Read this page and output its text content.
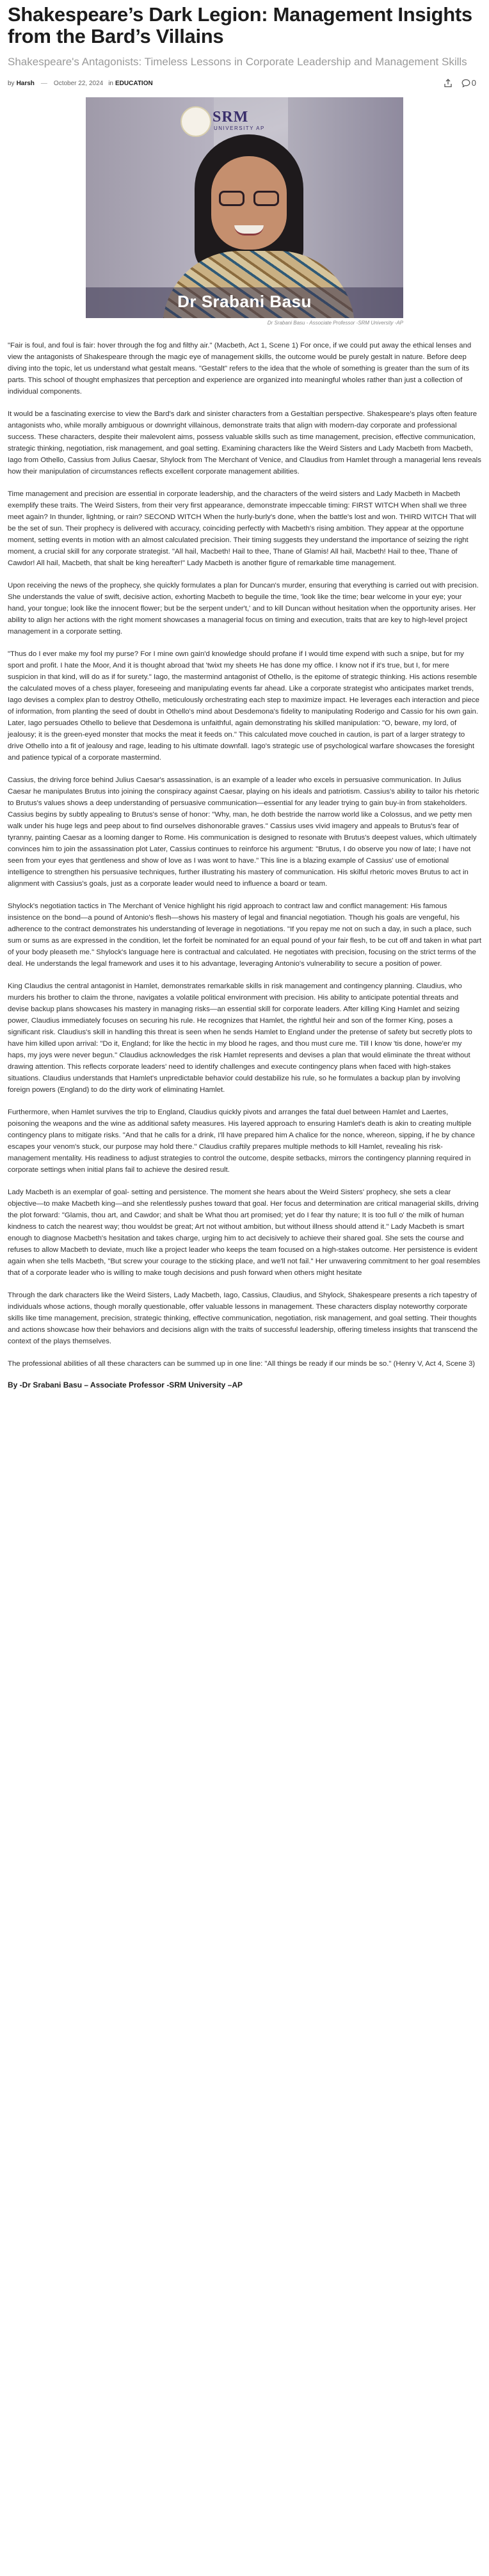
Shakespeare’s Dark Legion: Management Insights from the Bard’s Villains
Shakespeare's Antagonists: Timeless Lessons in Corporate Leadership and Management Skills
by Harsh — October 22, 2024 in EDUCATION	0
SRM
UNIVERSITY AP
Dr Srabani Basu
Dr Srabani Basu - Associate Professor -SRM University -AP

"Fair is foul, and foul is fair: hover through the fog and filthy air." (Macbeth, Act 1, Scene 1) For once, if we could put away the ethical lenses and view the antagonists of Shakespeare through the magic eye of management skills, the outcome would be purely gestalt in nature. Before deep diving into the topic, let us understand what gestalt means. "Gestalt" refers to the idea that the whole of something is greater than the sum of its parts. This school of thought emphasizes that perception and experience are organized into meaningful wholes rather than just a collection of individual components.

It would be a fascinating exercise to view the Bard's dark and sinister characters from a Gestaltian perspective. Shakespeare's plays often feature antagonists who, while morally ambiguous or downright villainous, demonstrate traits that align with modern-day corporate and professional success. These characters, despite their malevolent aims, possess valuable skills such as time management, precision, effective communication, strategic thinking, negotiation, risk management, and goal setting. Examining characters like the Weird Sisters and Lady Macbeth from Macbeth, Iago from Othello, Cassius from Julius Caesar, Shylock from The Merchant of Venice, and Claudius from Hamlet through a managerial lens reveals how their manipulation of circumstances reflects excellent corporate management abilities.

Time management and precision are essential in corporate leadership, and the characters of the weird sisters and Lady Macbeth in Macbeth exemplify these traits. The Weird Sisters, from their very first appearance, demonstrate impeccable timing: FIRST WITCH When shall we three meet again? In thunder, lightning, or rain? SECOND WITCH When the hurly-burly's done, when the battle's lost and won. THIRD WITCH That will be the set of sun. Their prophecy is delivered with accuracy, coinciding perfectly with Macbeth's rising ambition. They appear at the opportune moment, setting events in motion with an almost calculated precision. Their timing suggests they understand the importance of seizing the right moment, a crucial skill for any corporate strategist. "All hail, Macbeth! Hail to thee, Thane of Glamis! All hail, Macbeth! Hail to thee, Thane of Cawdor! All hail, Macbeth, that shalt be king hereafter!" Lady Macbeth is another figure of remarkable time management.

Upon receiving the news of the prophecy, she quickly formulates a plan for Duncan's murder, ensuring that everything is carried out with precision. She understands the value of swift, decisive action, exhorting Macbeth to beguile the time, 'look like the time; bear welcome in your eye; your hand, your tongue; look like the innocent flower; but be the serpent under't,' and to kill Duncan without hesitation when the opportunity arises. Her ability to align her actions with the right moment showcases a managerial focus on timing and execution, traits that are key to high-level project management in a corporate setting.

"Thus do I ever make my fool my purse? For I mine own gain'd knowledge should profane if I would time expend with such a snipe, but for my sport and profit. I hate the Moor, And it is thought abroad that 'twixt my sheets He has done my office. I know not if it's true, but I, for mere suspicion in that kind, will do as if for surety." Iago, the mastermind antagonist of Othello, is the epitome of strategic thinking. His actions resemble the calculated moves of a chess player, foreseeing and manipulating events far ahead. Like a corporate strategist who anticipates market trends, Iago devises a complex plan to destroy Othello, meticulously orchestrating each step to maximize impact. He leverages each interaction and piece of information, from planting the seed of doubt in Othello's mind about Desdemona's fidelity to manipulating Roderigo and Cassio for his own gain. Later, Iago persuades Othello to believe that Desdemona is unfaithful, again demonstrating his skilled manipulation: "O, beware, my lord, of jealousy; it is the green-eyed monster that mocks the meat it feeds on." This calculated move couched in caution, is part of a larger strategy to drive Othello into a fit of jealousy and rage, leading to his ultimate downfall. Iago's strategic use of psychological warfare showcases the foresight and patience typical of a corporate mastermind.

Cassius, the driving force behind Julius Caesar's assassination, is an example of a leader who excels in persuasive communication. In Julius Caesar he manipulates Brutus into joining the conspiracy against Caesar, playing on his ideals and patriotism. Cassius's ability to tailor his rhetoric to Brutus's values shows a deep understanding of persuasive communication—essential for any leader trying to gain buy-in from stakeholders. Cassius begins by subtly appealing to Brutus's sense of honor: "Why, man, he doth bestride the narrow world like a Colossus, and we petty men walk under his huge legs and peep about to find ourselves dishonorable graves." Cassius uses vivid imagery and appeals to Brutus's fear of tyranny, painting Caesar as a looming danger to Rome. His communication is designed to resonate with Brutus's deepest values, which ultimately convinces him to join the assassination plot Later, Cassius continues to reinforce his argument: "Brutus, I do observe you now of late; I have not seen from your eyes that gentleness and show of love as I was wont to have." This line is a blazing example of Cassius' use of emotional intelligence to strengthen his persuasive techniques, further illustrating his mastery of communication. His skilful rhetoric moves Brutus to act in alignment with Cassius's goals, just as a corporate leader would need to influence a board or team.

Shylock's negotiation tactics in The Merchant of Venice highlight his rigid approach to contract law and conflict management: His famous insistence on the bond—a pound of Antonio's flesh—shows his mastery of legal and financial negotiation. Though his goals are vengeful, his adherence to the contract demonstrates his understanding of leverage in negotiations. "If you repay me not on such a day, in such a place, such sum or sums as are expressed in the condition, let the forfeit be nominated for an equal pound of your fair flesh, to be cut off and taken in what part of your body pleaseth me." Shylock's language here is contractual and calculated. He negotiates with precision, focusing on the strict terms of the deal. He understands the legal framework and uses it to his advantage, leveraging Antonio's vulnerability to secure a position of power.

King Claudius the central antagonist in Hamlet, demonstrates remarkable skills in risk management and contingency planning. Claudius, who murders his brother to claim the throne, navigates a volatile political environment with precision. His ability to anticipate potential threats and devise backup plans showcases his mastery in managing risks—an essential skill for corporate leaders. After killing King Hamlet and seizing power, Claudius immediately focuses on securing his rule. He recognizes that Hamlet, the rightful heir and son of the former King, poses a significant risk. Claudius's skill in handling this threat is seen when he sends Hamlet to England under the pretense of safety but secretly plots to have him killed upon arrival: "Do it, England; for like the hectic in my blood he rages, and thou must cure me. Till I know 'tis done, howe'er my haps, my joys were never begun." Claudius acknowledges the risk Hamlet represents and devises a plan that would eliminate the threat without drawing attention. This reflects corporate leaders' need to identify challenges and execute contingency plans when faced with high-stakes situations. Claudius understands that Hamlet's unpredictable behavior could destabilize his rule, so he formulates a backup plan by involving foreign powers (England) to do the dirty work of eliminating Hamlet.

Furthermore, when Hamlet survives the trip to England, Claudius quickly pivots and arranges the fatal duel between Hamlet and Laertes, poisoning the weapons and the wine as additional safety measures. His layered approach to ensuring Hamlet's death is akin to creating multiple contingency plans to mitigate risks. "And that he calls for a drink, I'll have prepared him A chalice for the nonce, whereon, sipping, if he by chance escapes your venom's stuck, our purpose may hold there." Claudius craftily prepares multiple methods to kill Hamlet, revealing his risk-management mentality. His readiness to adjust strategies to control the outcome, despite setbacks, mirrors the contingency planning required in corporate settings when initial plans fail to achieve the desired result.

Lady Macbeth is an exemplar of goal- setting and persistence. The moment she hears about the Weird Sisters' prophecy, she sets a clear objective—to make Macbeth king—and she relentlessly pushes toward that goal. Her focus and determination are critical managerial skills, driving the plot forward: "Glamis, thou art, and Cawdor; and shalt be What thou art promised; yet do I fear thy nature; It is too full o' the milk of human kindness to catch the nearest way; thou wouldst be great; Art not without ambition, but without illness should attend it." Lady Macbeth is smart enough to diagnose Macbeth's hesitation and takes charge, urging him to act decisively to achieve their shared goal. She sets the course and refuses to allow Macbeth to deviate, much like a project leader who keeps the team focused on a high-stakes outcome. Her persistence is evident again when she tells Macbeth, "But screw your courage to the sticking place, and we'll not fail." Her unwavering commitment to her goal resembles that of a corporate leader who is willing to make tough decisions and push forward when others might hesitate

Through the dark characters like the Weird Sisters, Lady Macbeth, Iago, Cassius, Claudius, and Shylock, Shakespeare presents a rich tapestry of individuals whose actions, though morally questionable, offer valuable lessons in management. These characters display noteworthy corporate skills like time management, precision, strategic thinking, effective communication, negotiation, risk management, and goal setting. Their thoughts and actions showcase how their behaviors and decisions align with the traits of successful leadership, offering timeless insights that transcend the context of the plays themselves.

The professional abilities of all these characters can be summed up in one line: "All things be ready if our minds be so." (Henry V, Act 4, Scene 3)

By -Dr Srabani Basu – Associate Professor -SRM University –AP
